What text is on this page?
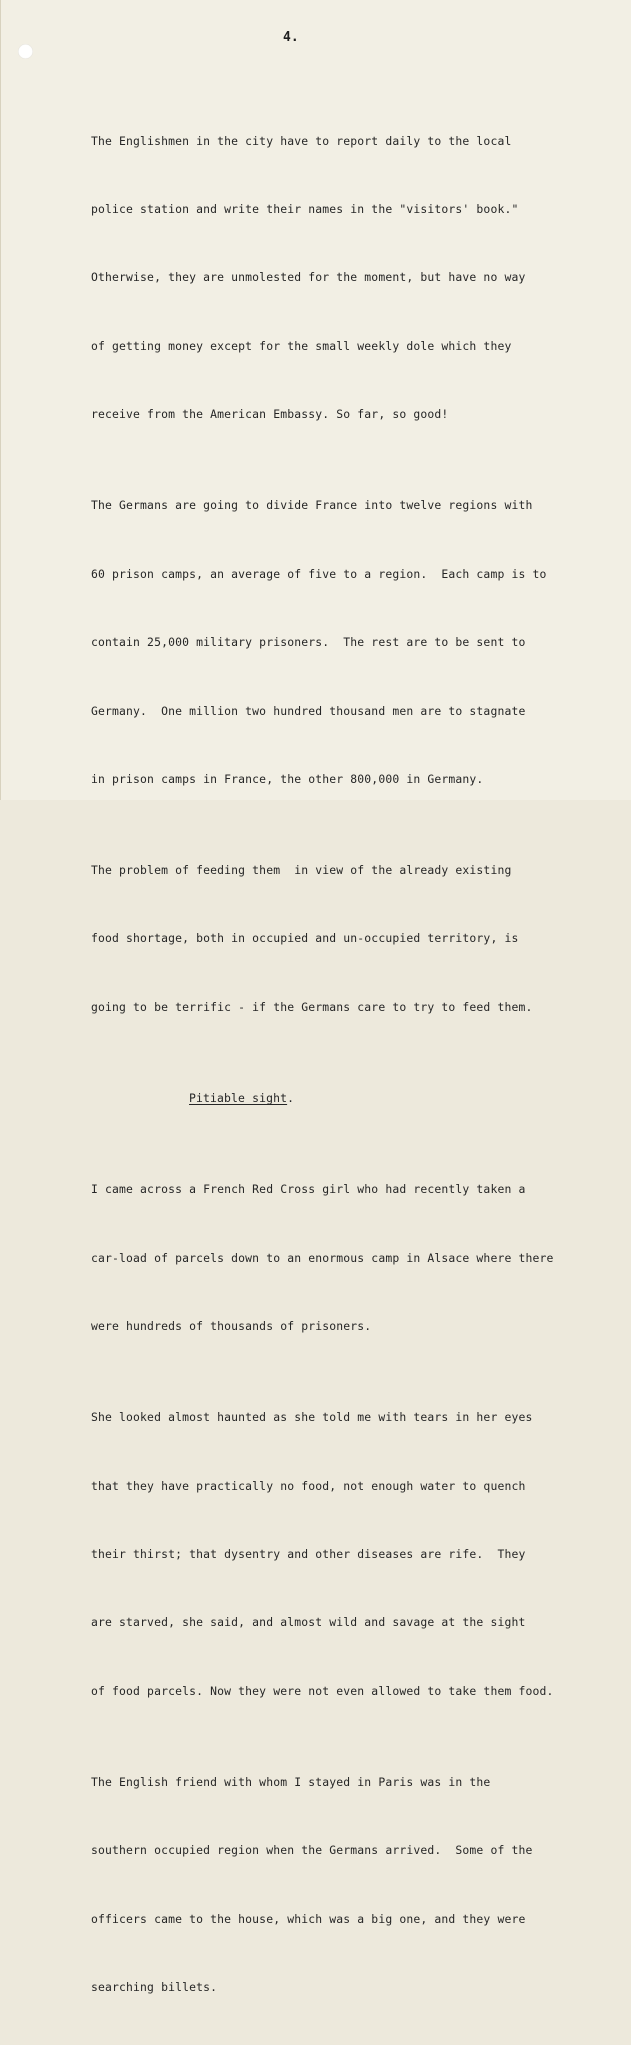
4.

The Englishmen in the city have to report daily to the local

police station and write their names in the "visitors' book."

Otherwise, they are unmolested for the moment, but have no way

of getting money except for the small weekly dole which they

receive from the American Embassy. So far, so good!

The Germans are going to divide France into twelve regions with

60 prison camps, an average of five to a region.  Each camp is to

contain 25,000 military prisoners.  The rest are to be sent to

Germany.  One million two hundred thousand men are to stagnate

in prison camps in France, the other 800,000 in Germany.

The problem of feeding them  in view of the already existing

food shortage, both in occupied and un-occupied territory, is

going to be terrific - if the Germans care to try to feed them.

Pitiable sight.

I came across a French Red Cross girl who had recently taken a

car-load of parcels down to an enormous camp in Alsace where there

were hundreds of thousands of prisoners.

She looked almost haunted as she told me with tears in her eyes

that they have practically no food, not enough water to quench

their thirst; that dysentry and other diseases are rife.  They

are starved, she said, and almost wild and savage at the sight

of food parcels. Now they were not even allowed to take them food.

The English friend with whom I stayed in Paris was in the

southern occupied region when the Germans arrived.  Some of the

officers came to the house, which was a big one, and they were

searching billets.
